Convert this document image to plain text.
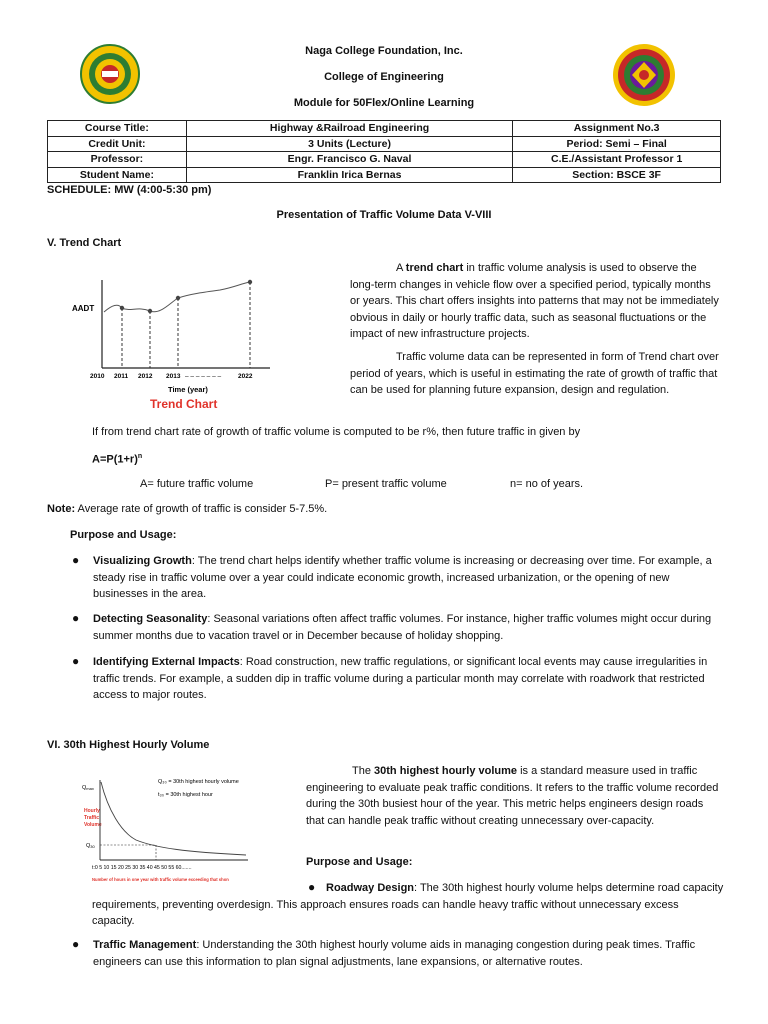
Naga College Foundation, Inc.
College of Engineering
Module for 50Flex/Online Learning
Course Title:	Highway &Railroad Engineering	Assignment No.3
Credit Unit:	3 Units (Lecture)	Period: Semi – Final
Professor:	Engr. Francisco G. Naval	C.E./Assistant Professor 1
Student Name:	Franklin Irica Bernas	Section: BSCE 3F
SCHEDULE: MW (4:00-5:30 pm)
Presentation of Traffic Volume Data V-VIII
V. Trend Chart
AADT
2010 2011 2012 2013 – – – – – – –	2022
Time (year)
Trend Chart
A trend chart in traffic volume analysis is used to observe the long-term changes in vehicle flow over a specified period, typically months or years. This chart offers insights into patterns that may not be immediately obvious in daily or hourly traffic data, such as seasonal fluctuations or the impact of new infrastructure projects.
Traffic volume data can be represented in form of Trend chart over period of years, which is useful in estimating the rate of growth of traffic that can be used for planning future expansion, design and regulation.
If from trend chart rate of growth of traffic volume is computed to be r%, then future traffic in given by
$A=P(1+r)^n$
A= future traffic volume	P= present traffic volume	n= no of years.
Note: Average rate of growth of traffic is consider 5-7.5%.
Purpose and Usage:
● Visualizing Growth: The trend chart helps identify whether traffic volume is increasing or decreasing over time. For example, a steady rise in traffic volume over a year could indicate economic growth, increased urbanization, or the opening of new businesses in the area.
● Detecting Seasonality: Seasonal variations often affect traffic volumes. For instance, higher traffic volumes might occur during summer months due to vacation travel or in December because of holiday shopping.
● Identifying External Impacts: Road construction, new traffic regulations, or significant local events may cause irregularities in traffic trends. For example, a sudden dip in traffic volume during a particular month may correlate with roadwork that restricted access to major routes.
VI. 30th Highest Hourly Volume
Q₃₀ = 30th highest hourly volume
t₃₀ = 30th highest hour
Qmax
Hourly
Traffic
Volume
Q30
t:0 5 10 15 20 25 30 35 40 45 50 55 60.......
Number of hours in one year with traffic volume exceeding that shon
The 30th highest hourly volume is a standard measure used in traffic engineering to evaluate peak traffic conditions. It refers to the traffic volume recorded during the 30th busiest hour of the year. This metric helps engineers design roads that can handle peak traffic without creating unnecessary over-capacity.
Purpose and Usage:
● Roadway Design: The 30th highest hourly volume helps determine road capacity requirements, preventing overdesign. This approach ensures roads can handle heavy traffic without unnecessary excess capacity.
● Traffic Management: Understanding the 30th highest hourly volume aids in managing congestion during peak times. Traffic engineers can use this information to plan signal adjustments, lane expansions, or alternative routes.
